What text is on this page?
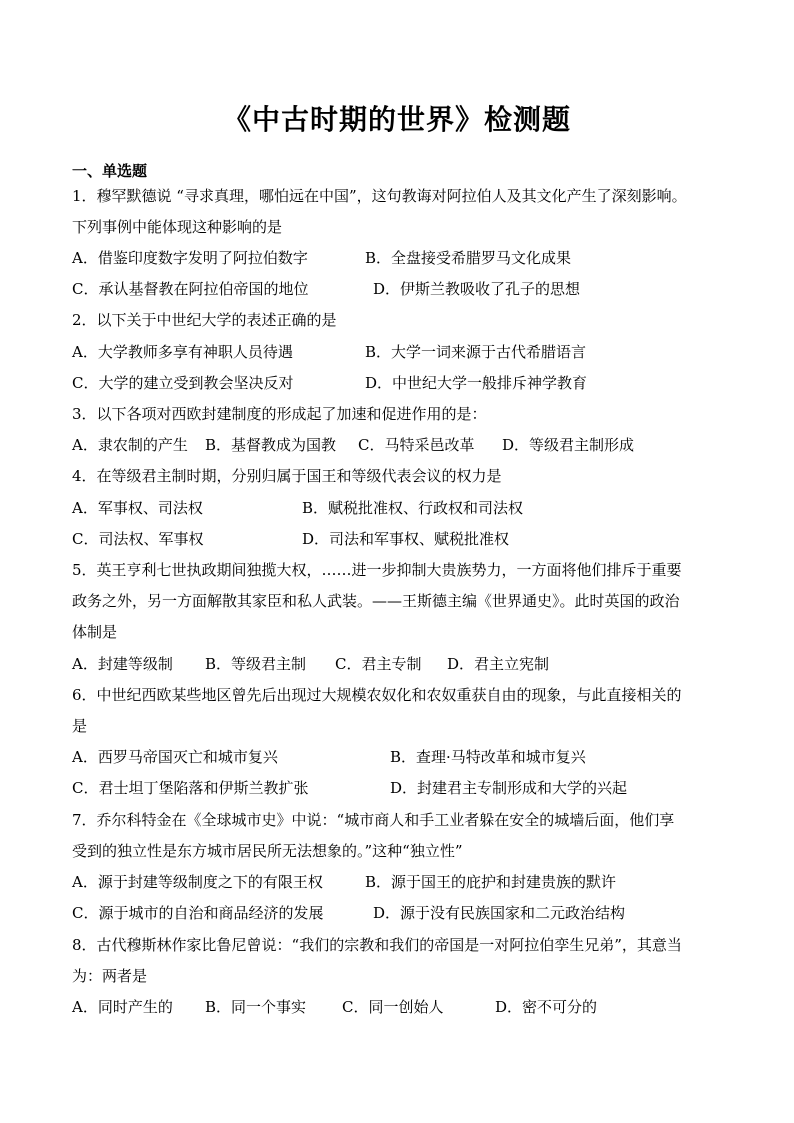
《中古时期的世界》检测题
一、单选题
1．穆罕默德说 “寻求真理，哪怕远在中国”，这句教诲对阿拉伯人及其文化产生了深刻影响。
下列事例中能体现这种影响的是
A．借鉴印度数字发明了阿拉伯数字	B．全盘接受希腊罗马文化成果
C．承认基督教在阿拉伯帝国的地位	D．伊斯兰教吸收了孔子的思想
2．以下关于中世纪大学的表述正确的是
A．大学教师多享有神职人员待遇	B．大学一词来源于古代希腊语言
C．大学的建立受到教会坚决反对	D．中世纪大学一般排斥神学教育
3．以下各项对西欧封建制度的形成起了加速和促进作用的是：
A．隶农制的产生 B．基督教成为国教 C．马特采邑改革 D．等级君主制形成
4．在等级君主制时期，分别归属于国王和等级代表会议的权力是
A．军事权、司法权	B．赋税批准权、行政权和司法权
C．司法权、军事权	D．司法和军事权、赋税批准权
5．英王亨利七世执政期间独揽大权，……进一步抑制大贵族势力，一方面将他们排斥于重要
政务之外，另一方面解散其家臣和私人武装。——王斯德主编《世界通史》。此时英国的政治
体制是
A．封建等级制 B．等级君主制 C．君主专制 D．君主立宪制
6．中世纪西欧某些地区曾先后出现过大规模农奴化和农奴重获自由的现象，与此直接相关的
是
A．西罗马帝国灭亡和城市复兴	B．查理·马特改革和城市复兴
C．君士坦丁堡陷落和伊斯兰教扩张	D．封建君主专制形成和大学的兴起
7．乔尔科特金在《全球城市史》中说：“城市商人和手工业者躲在安全的城墙后面，他们享
受到的独立性是东方城市居民所无法想象的。”这种“独立性”
A．源于封建等级制度之下的有限王权	B．源于国王的庇护和封建贵族的默许
C．源于城市的自治和商品经济的发展	D．源于没有民族国家和二元政治结构
8．古代穆斯林作家比鲁尼曾说：“我们的宗教和我们的帝国是一对阿拉伯孪生兄弟”，其意当
为：两者是
A．同时产生的 B．同一个事实 C．同一创始人	D．密不可分的
